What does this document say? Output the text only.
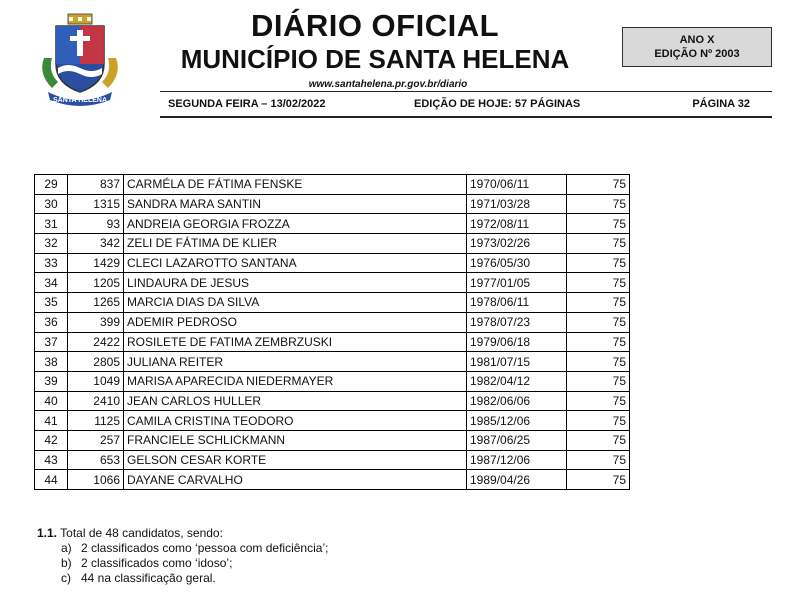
SANTA HELENA
DIÁRIO OFICIAL
MUNICÍPIO DE SANTA HELENA
www.santahelena.pr.gov.br/diario
ANO X
EDIÇÃO Nº 2003
SEGUNDA FEIRA – 13/02/2022	EDIÇÃO DE HOJE: 57 PÁGINAS	PÁGINA 32
29	837	CARMÉLA DE FÁTIMA FENSKE	1970/06/11	75
30	1315	SANDRA MARA SANTIN	1971/03/28	75
31	93	ANDREIA GEORGIA FROZZA	1972/08/11	75
32	342	ZELI DE FÁTIMA DE KLIER	1973/02/26	75
33	1429	CLECI LAZAROTTO SANTANA	1976/05/30	75
34	1205	LINDAURA DE JESUS	1977/01/05	75
35	1265	MARCIA DIAS DA SILVA	1978/06/11	75
36	399	ADEMIR PEDROSO	1978/07/23	75
37	2422	ROSILETE DE FATIMA ZEMBRZUSKI	1979/06/18	75
38	2805	JULIANA REITER	1981/07/15	75
39	1049	MARISA APARECIDA NIEDERMAYER	1982/04/12	75
40	2410	JEAN CARLOS HULLER	1982/06/06	75
41	1125	CAMILA CRISTINA TEODORO	1985/12/06	75
42	257	FRANCIELE SCHLICKMANN	1987/06/25	75
43	653	GELSON CESAR KORTE	1987/12/06	75
44	1066	DAYANE CARVALHO	1989/04/26	75
1.1. Total de 48 candidatos, sendo:
a) 2 classificados como ‘pessoa com deficiência’;
b) 2 classificados como ‘idoso’;
c) 44 na classificação geral.
